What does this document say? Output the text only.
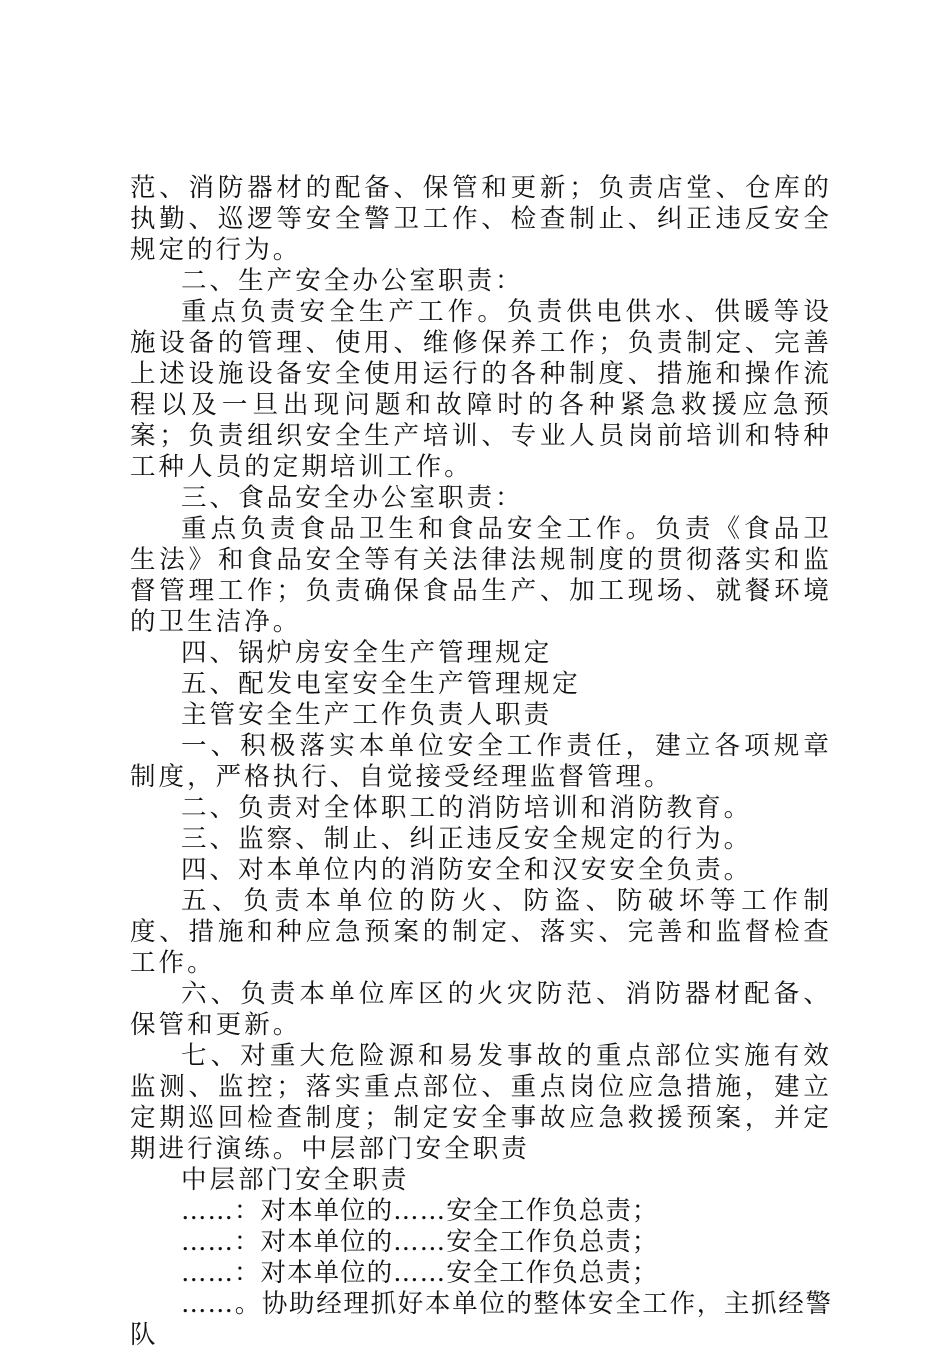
范、消防器材的配备、保管和更新；负责店堂、仓库的执勤、巡逻等安全警卫工作、检查制止、纠正违反安全规定的行为。

二、生产安全办公室职责：

重点负责安全生产工作。负责供电供水、供暖等设施设备的管理、使用、维修保养工作；负责制定、完善上述设施设备安全使用运行的各种制度、措施和操作流程以及一旦出现问题和故障时的各种紧急救援应急预案；负责组织安全生产培训、专业人员岗前培训和特种工种人员的定期培训工作。

三、食品安全办公室职责：

重点负责食品卫生和食品安全工作。负责《食品卫生法》和食品安全等有关法律法规制度的贯彻落实和监督管理工作；负责确保食品生产、加工现场、就餐环境的卫生洁净。

四、锅炉房安全生产管理规定

五、配发电室安全生产管理规定

主管安全生产工作负责人职责

一、积极落实本单位安全工作责任，建立各项规章制度，严格执行、自觉接受经理监督管理。

二、负责对全体职工的消防培训和消防教育。

三、监察、制止、纠正违反安全规定的行为。

四、对本单位内的消防安全和汉安安全负责。

五、负责本单位的防火、防盗、防破坏等工作制度、措施和种应急预案的制定、落实、完善和监督检查工作。

六、负责本单位库区的火灾防范、消防器材配备、保管和更新。

七、对重大危险源和易发事故的重点部位实施有效监测、监控；落实重点部位、重点岗位应急措施，建立定期巡回检查制度；制定安全事故应急救援预案，并定期进行演练。中层部门安全职责

中层部门安全职责

……：对本单位的……安全工作负总责；

……：对本单位的……安全工作负总责；

……：对本单位的……安全工作负总责；

……。协助经理抓好本单位的整体安全工作，主抓经警队
